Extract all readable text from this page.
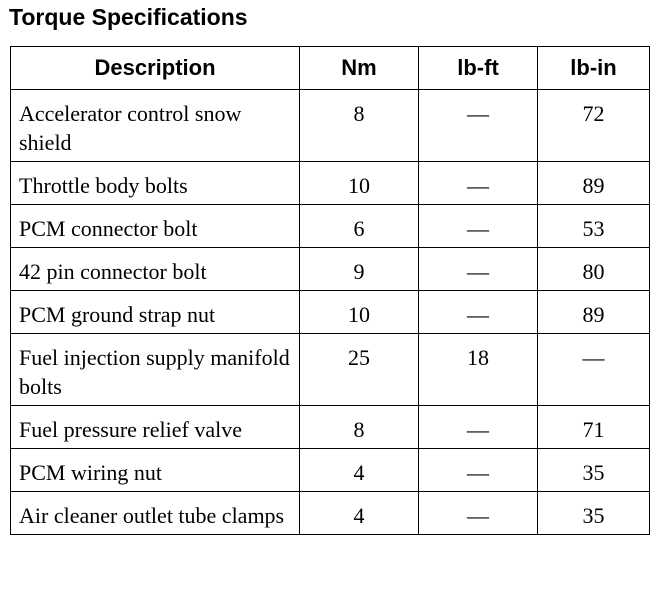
Torque Specifications
Description	Nm	lb-ft	lb-in
Accelerator control snow shield	8	—	72
Throttle body bolts	10	—	89
PCM connector bolt	6	—	53
42 pin connector bolt	9	—	80
PCM ground strap nut	10	—	89
Fuel injection supply manifold bolts	25	18	—
Fuel pressure relief valve	8	—	71
PCM wiring nut	4	—	35
Air cleaner outlet tube clamps	4	—	35
